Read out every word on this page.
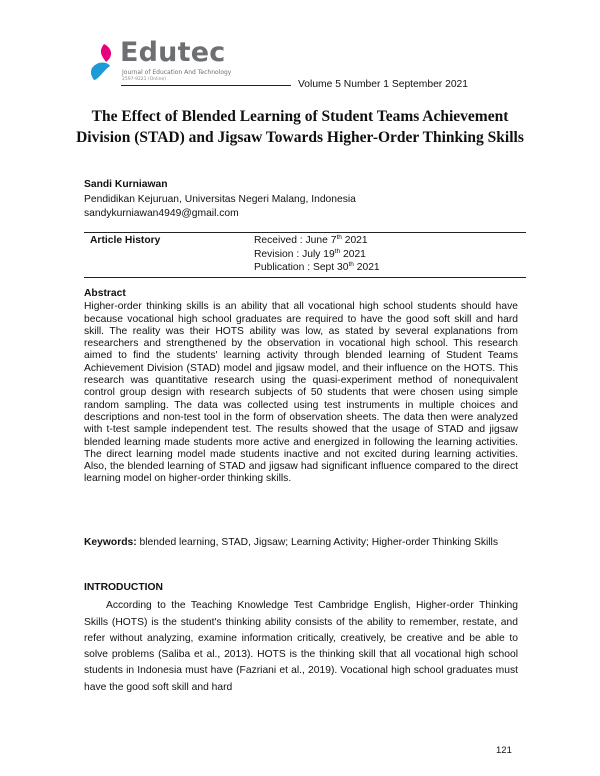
Edutec
Journal of Education And Technology
2597-9221 (Online)	Volume 5 Number 1 September 2021
The Effect of Blended Learning of Student Teams Achievement Division (STAD) and Jigsaw Towards Higher-Order Thinking Skills
Sandi Kurniawan
Pendidikan Kejuruan, Universitas Negeri Malang, Indonesia
sandykurniawan4949@gmail.com
Article History	Received : June 7th 2021
Revision : July 19th 2021
Publication : Sept 30th 2021
Abstract

Higher-order thinking skills is an ability that all vocational high school students should have because vocational high school graduates are required to have the good soft skill and hard skill. The reality was their HOTS ability was low, as stated by several explanations from researchers and strengthened by the observation in vocational high school. This research aimed to find the students' learning activity through blended learning of Student Teams Achievement Division (STAD) model and jigsaw model, and their influence on the HOTS. This research was quantitative research using the quasi-experiment method of nonequivalent control group design with research subjects of 50 students that were chosen using simple random sampling. The data was collected using test instruments in multiple choices and descriptions and non-test tool in the form of observation sheets. The data then were analyzed with t-test sample independent test. The results showed that the usage of STAD and jigsaw blended learning made students more active and energized in following the learning activities. The direct learning model made students inactive and not excited during learning activities. Also, the blended learning of STAD and jigsaw had significant influence compared to the direct learning model on higher-order thinking skills.

Keywords: blended learning, STAD, Jigsaw; Learning Activity; Higher-order Thinking Skills
INTRODUCTION

According to the Teaching Knowledge Test Cambridge English, Higher-order Thinking Skills (HOTS) is the student's thinking ability consists of the ability to remember, restate, and refer without analyzing, examine information critically, creatively, be creative and be able to solve problems (Saliba et al., 2013). HOTS is the thinking skill that all vocational high school students in Indonesia must have (Fazriani et al., 2019). Vocational high school graduates must have the good soft skill and hard

121
